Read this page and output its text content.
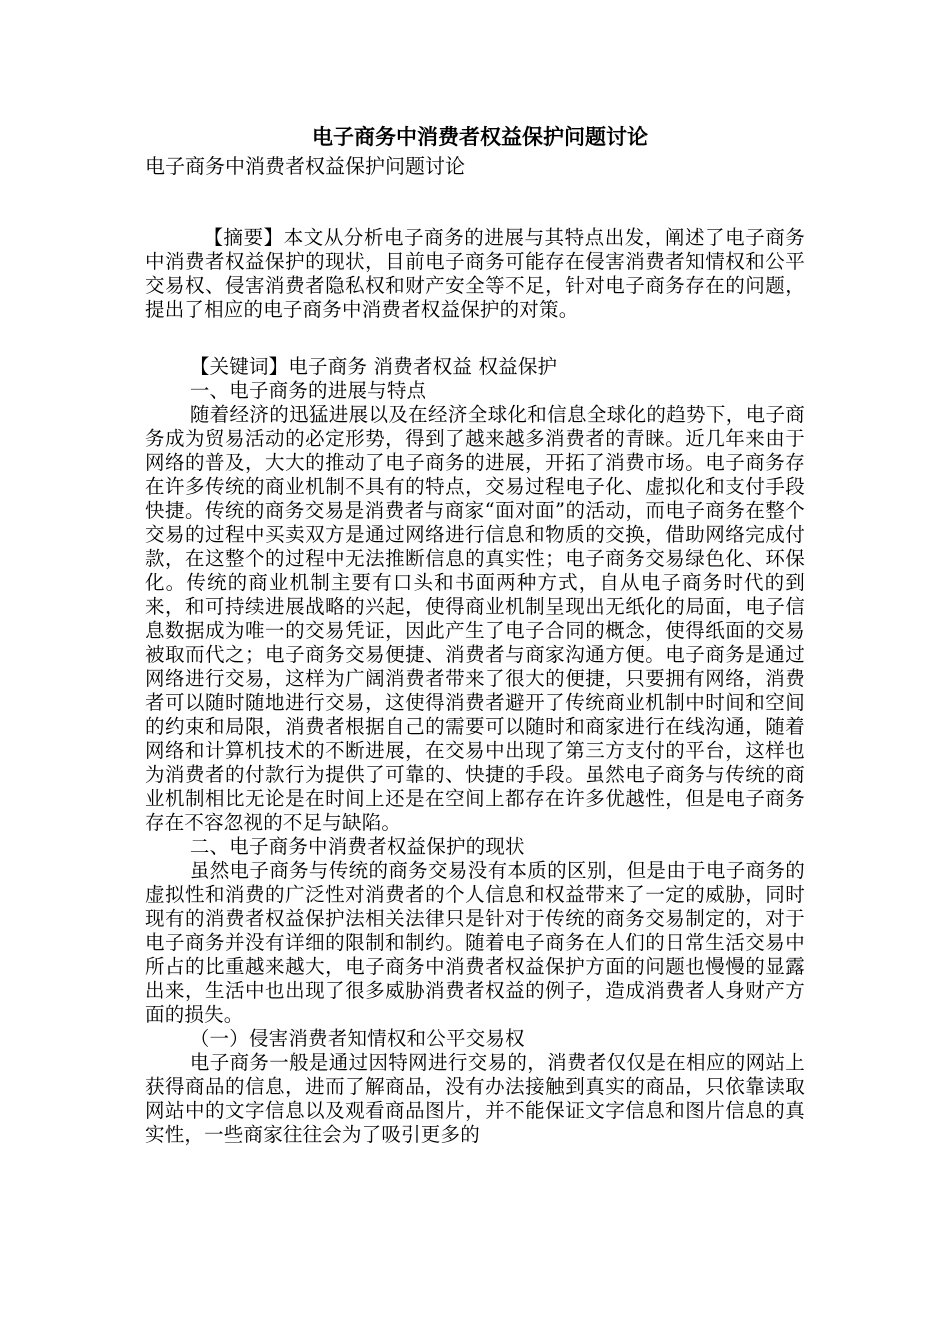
电子商务中消费者权益保护问题讨论

电子商务中消费者权益保护问题讨论

【摘要】本文从分析电子商务的进展与其特点出发，阐述了电子商务中消费者权益保护的现状，目前电子商务可能存在侵害消费者知情权和公平交易权、侵害消费者隐私权和财产安全等不足，针对电子商务存在的问题，提出了相应的电子商务中消费者权益保护的对策。

【关键词】电子商务 消费者权益 权益保护

一、电子商务的进展与特点

随着经济的迅猛进展以及在经济全球化和信息全球化的趋势下，电子商务成为贸易活动的必定形势，得到了越来越多消费者的青睐。近几年来由于网络的普及，大大的推动了电子商务的进展，开拓了消费市场。电子商务存在许多传统的商业机制不具有的特点，交易过程电子化、虚拟化和支付手段快捷。传统的商务交易是消费者与商家“面对面”的活动，而电子商务在整个交易的过程中买卖双方是通过网络进行信息和物质的交换，借助网络完成付款，在这整个的过程中无法推断信息的真实性；电子商务交易绿色化、环保化。传统的商业机制主要有口头和书面两种方式，自从电子商务时代的到来，和可持续进展战略的兴起，使得商业机制呈现出无纸化的局面，电子信息数据成为唯一的交易凭证，因此产生了电子合同的概念，使得纸面的交易被取而代之；电子商务交易便捷、消费者与商家沟通方便。电子商务是通过网络进行交易，这样为广阔消费者带来了很大的便捷，只要拥有网络，消费者可以随时随地进行交易，这使得消费者避开了传统商业机制中时间和空间的约束和局限，消费者根据自己的需要可以随时和商家进行在线沟通，随着网络和计算机技术的不断进展，在交易中出现了第三方支付的平台，这样也为消费者的付款行为提供了可靠的、快捷的手段。虽然电子商务与传统的商业机制相比无论是在时间上还是在空间上都存在许多优越性，但是电子商务存在不容忽视的不足与缺陷。

二、电子商务中消费者权益保护的现状

虽然电子商务与传统的商务交易没有本质的区别，但是由于电子商务的虚拟性和消费的广泛性对消费者的个人信息和权益带来了一定的威胁，同时现有的消费者权益保护法相关法律只是针对于传统的商务交易制定的，对于电子商务并没有详细的限制和制约。随着电子商务在人们的日常生活交易中所占的比重越来越大，电子商务中消费者权益保护方面的问题也慢慢的显露出来，生活中也出现了很多威胁消费者权益的例子，造成消费者人身财产方面的损失。

（一）侵害消费者知情权和公平交易权

电子商务一般是通过因特网进行交易的，消费者仅仅是在相应的网站上获得商品的信息，进而了解商品，没有办法接触到真实的商品，只依靠读取网站中的文字信息以及观看商品图片，并不能保证文字信息和图片信息的真实性，一些商家往往会为了吸引更多的
